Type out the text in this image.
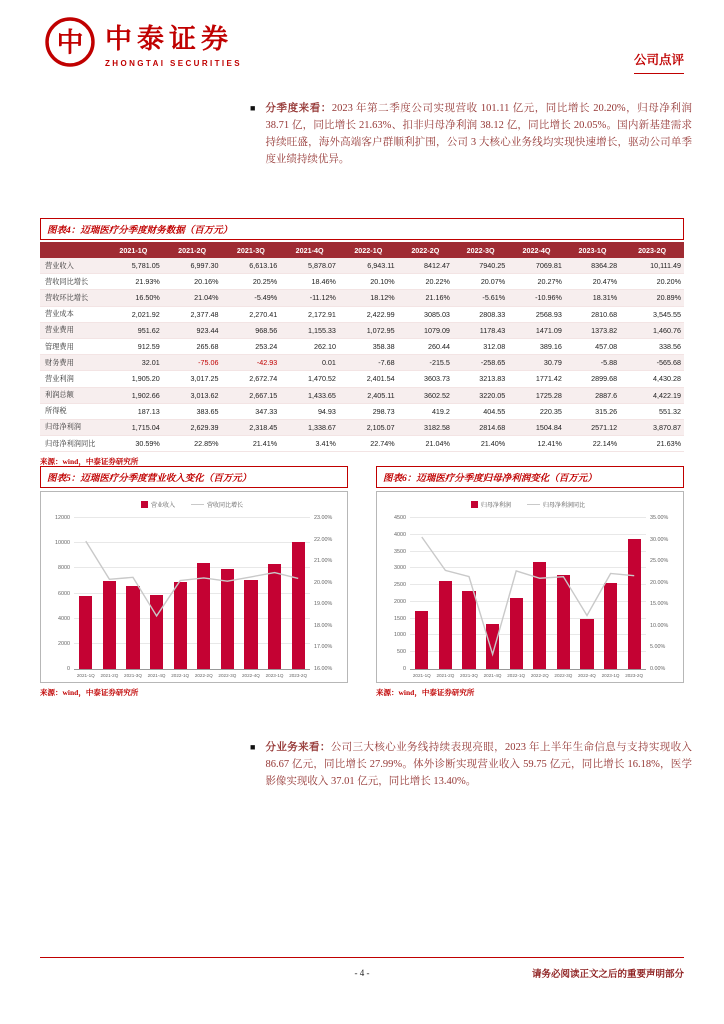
中 中泰证券
ZHONGTAI SECURITIES	公司点评
■ 分季度来看：2023 年第二季度公司实现营收 101.11 亿元，同比增长 20.20%，归母净利润 38.71 亿，同比增长 21.63%、扣非归母净利润 38.12 亿，同比增长 20.05%。国内新基建需求持续旺盛，海外高端客户群顺利扩围，公司 3 大核心业务线均实现快速增长，驱动公司单季度业绩持续优异。

图表4：迈瑞医疗分季度财务数据（百万元）
	2021-1Q	2021-2Q	2021-3Q	2021-4Q	2022-1Q	2022-2Q	2022-3Q	2022-4Q	2023-1Q	2023-2Q
营业收入	5,781.05	6,997.30	6,613.16	5,878.07	6,943.11	8412.47	7940.25	7069.81	8364.28	10,111.49
营收同比增长	21.93%	20.16%	20.25%	18.46%	20.10%	20.22%	20.07%	20.27%	20.47%	20.20%
营收环比增长	16.50%	21.04%	-5.49%	-11.12%	18.12%	21.16%	-5.61%	-10.96%	18.31%	20.89%
营业成本	2,021.92	2,377.48	2,270.41	2,172.91	2,422.99	3085.03	2808.33	2568.93	2810.68	3,545.55
营业费用	951.62	923.44	968.56	1,155.33	1,072.95	1079.09	1178.43	1471.09	1373.82	1,460.76
管理费用	912.59	265.68	253.24	262.10	358.38	260.44	312.08	389.16	457.08	338.56
财务费用	32.01	-75.06	-42.93	0.01	-7.68	-215.5	-258.65	30.79	-5.88	-565.68
营业利润	1,905.20	3,017.25	2,672.74	1,470.52	2,401.54	3603.73	3213.83	1771.42	2899.68	4,430.28
利润总额	1,902.66	3,013.62	2,667.15	1,433.65	2,405.11	3602.52	3220.05	1725.28	2887.6	4,422.19
所得税	187.13	383.65	347.33	94.93	298.73	419.2	404.55	220.35	315.26	551.32
归母净利润	1,715.04	2,629.39	2,318.45	1,338.67	2,105.07	3182.58	2814.68	1504.84	2571.12	3,870.87
归母净利润同比	30.59%	22.85%	21.41%	3.41%	22.74%	21.04%	21.40%	12.41%	22.14%	21.63%
来源：wind，中泰证券研究所
图表5：迈瑞医疗分季度营业收入变化（百万元）
营业收入	营收同比增长
0
2000
4000
6000
8000
10000
12000
16.00%
17.00%
18.00%
19.00%
20.00%
21.00%
22.00%
23.00%
2021-1Q	2021-2Q	2021-3Q	2021-4Q	2022-1Q	2022-2Q	2022-3Q	2022-4Q	2023-1Q	2023-2Q
来源：wind，中泰证券研究所
图表6：迈瑞医疗分季度归母净利润变化（百万元）
归母净利润	归母净利润同比
0
500
1000
1500
2000
2500
3000
3500
4000
4500
0.00%
5.00%
10.00%
15.00%
20.00%
25.00%
30.00%
35.00%
2021-1Q	2021-2Q	2021-3Q	2021-4Q	2022-1Q	2022-2Q	2022-3Q	2022-4Q	2023-1Q	2023-2Q
来源：wind，中泰证券研究所
■ 分业务来看：公司三大核心业务线持续表现亮眼，2023 年上半年生命信息与支持实现收入 86.67 亿元，同比增长 27.99%。体外诊断实现营业收入 59.75 亿元，同比增长 16.18%，医学影像实现收入 37.01 亿元，同比增长 13.40%。

- 4 -	请务必阅读正文之后的重要声明部分
